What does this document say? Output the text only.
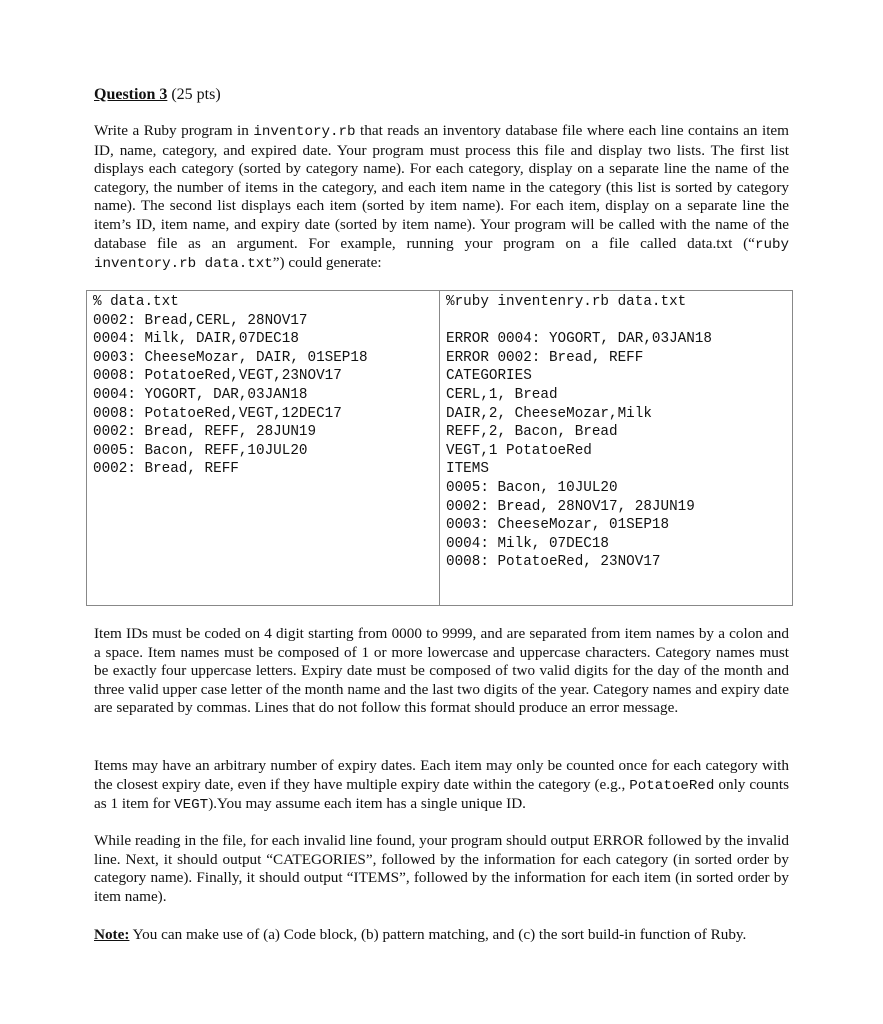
Question 3 (25 pts)

Write a Ruby program in inventory.rb that reads an inventory database file where each line contains an item ID, name, category, and expired date. Your program must process this file and display two lists. The first list displays each category (sorted by category name). For each category, display on a separate line the name of the category, the number of items in the category, and each item name in the category (this list is sorted by category name). The second list displays each item (sorted by item name). For each item, display on a separate line the item’s ID, item name, and expiry date (sorted by item name). Your program will be called with the name of the database file as an argument. For example, running your program on a file called data.txt (“ruby inventory.rb data.txt”) could generate:

% data.txt
0002: Bread,CERL, 28NOV17
0004: Milk, DAIR,07DEC18
0003: CheeseMozar, DAIR, 01SEP18
0008: PotatoeRed,VEGT,23NOV17
0004: YOGORT, DAR,03JAN18
0008: PotatoeRed,VEGT,12DEC17
0002: Bread, REFF, 28JUN19
0005: Bacon, REFF,10JUL20
0002: Bread, REFF

%ruby inventenry.rb data.txt
ERROR 0004: YOGORT, DAR,03JAN18
ERROR 0002: Bread, REFF
CATEGORIES
CERL,1, Bread
DAIR,2, CheeseMozar,Milk
REFF,2, Bacon, Bread
VEGT,1 PotatoeRed
ITEMS
0005: Bacon, 10JUL20
0002: Bread, 28NOV17, 28JUN19
0003: CheeseMozar, 01SEP18
0004: Milk, 07DEC18
0008: PotatoeRed, 23NOV17

Item IDs must be coded on 4 digit starting from 0000 to 9999, and are separated from item names by a colon and a space. Item names must be composed of 1 or more lowercase and uppercase characters. Category names must be exactly four uppercase letters. Expiry date must be composed of two valid digits for the day of the month and three valid upper case letter of the month name and the last two digits of the year. Category names and expiry date are separated by commas. Lines that do not follow this format should produce an error message.

Items may have an arbitrary number of expiry dates. Each item may only be counted once for each category with the closest expiry date, even if they have multiple expiry date within the category (e.g., PotatoeRed only counts as 1 item for VEGT).You may assume each item has a single unique ID.

While reading in the file, for each invalid line found, your program should output ERROR followed by the invalid line. Next, it should output “CATEGORIES”, followed by the information for each category (in sorted order by category name). Finally, it should output “ITEMS”, followed by the information for each item (in sorted order by item name).

Note: You can make use of (a) Code block, (b) pattern matching, and (c) the sort build-in function of Ruby.
